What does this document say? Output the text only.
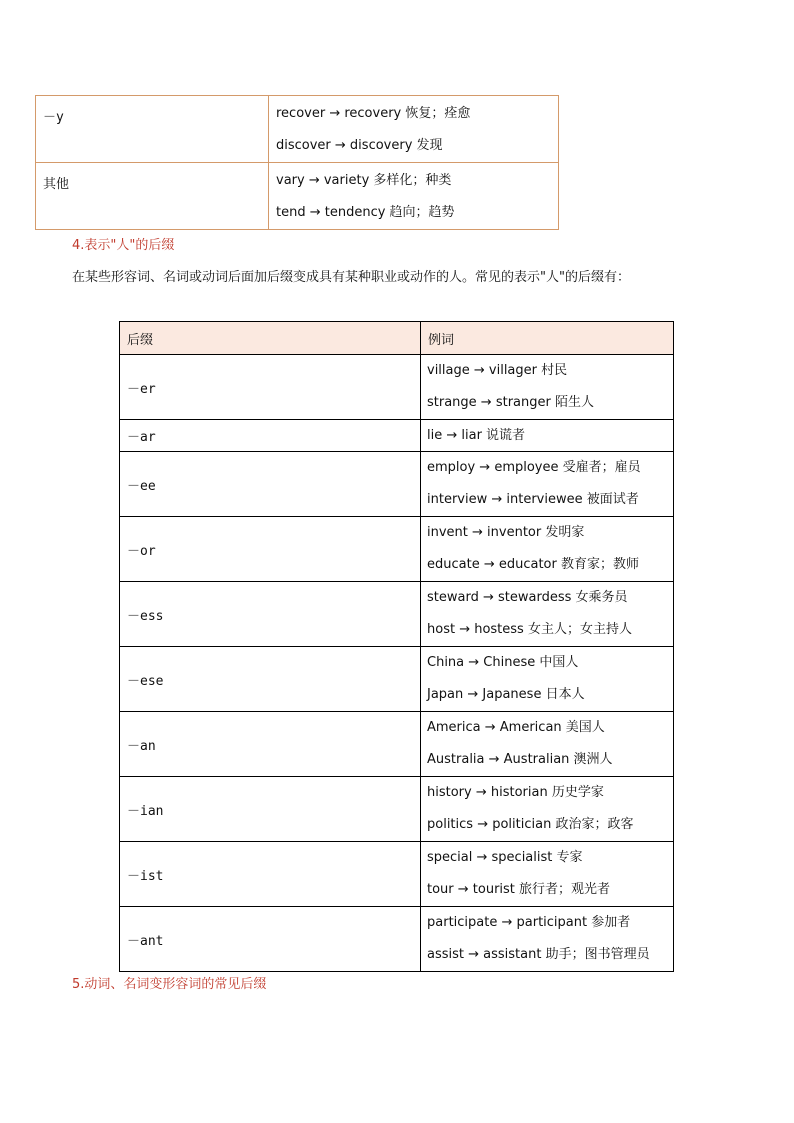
－y	recover → recovery 恢复；痊愈
discover → discovery 发现

其他	vary → variety 多样化；种类
tend → tendency 趋向；趋势
4.表示"人"的后缀
在某些形容词、名词或动词后面加后缀变成具有某种职业或动作的人。常见的表示"人"的后缀有：
后缀	例词
－er	village → villager 村民
strange → stranger 陌生人

－ar	lie → liar 说谎者

－ee	employ → employee 受雇者；雇员
interview → interviewee 被面试者

－or	invent → inventor 发明家
educate → educator 教育家；教师

－ess	steward → stewardess 女乘务员
host → hostess 女主人；女主持人

－ese	China → Chinese 中国人
Japan → Japanese 日本人

－an	America → American 美国人
Australia → Australian 澳洲人

－ian	history → historian 历史学家
politics → politician 政治家；政客

－ist	special → specialist 专家
tour → tourist 旅行者；观光者

－ant	participate → participant 参加者
assist → assistant 助手；图书管理员
5.动词、名词变形容词的常见后缀
